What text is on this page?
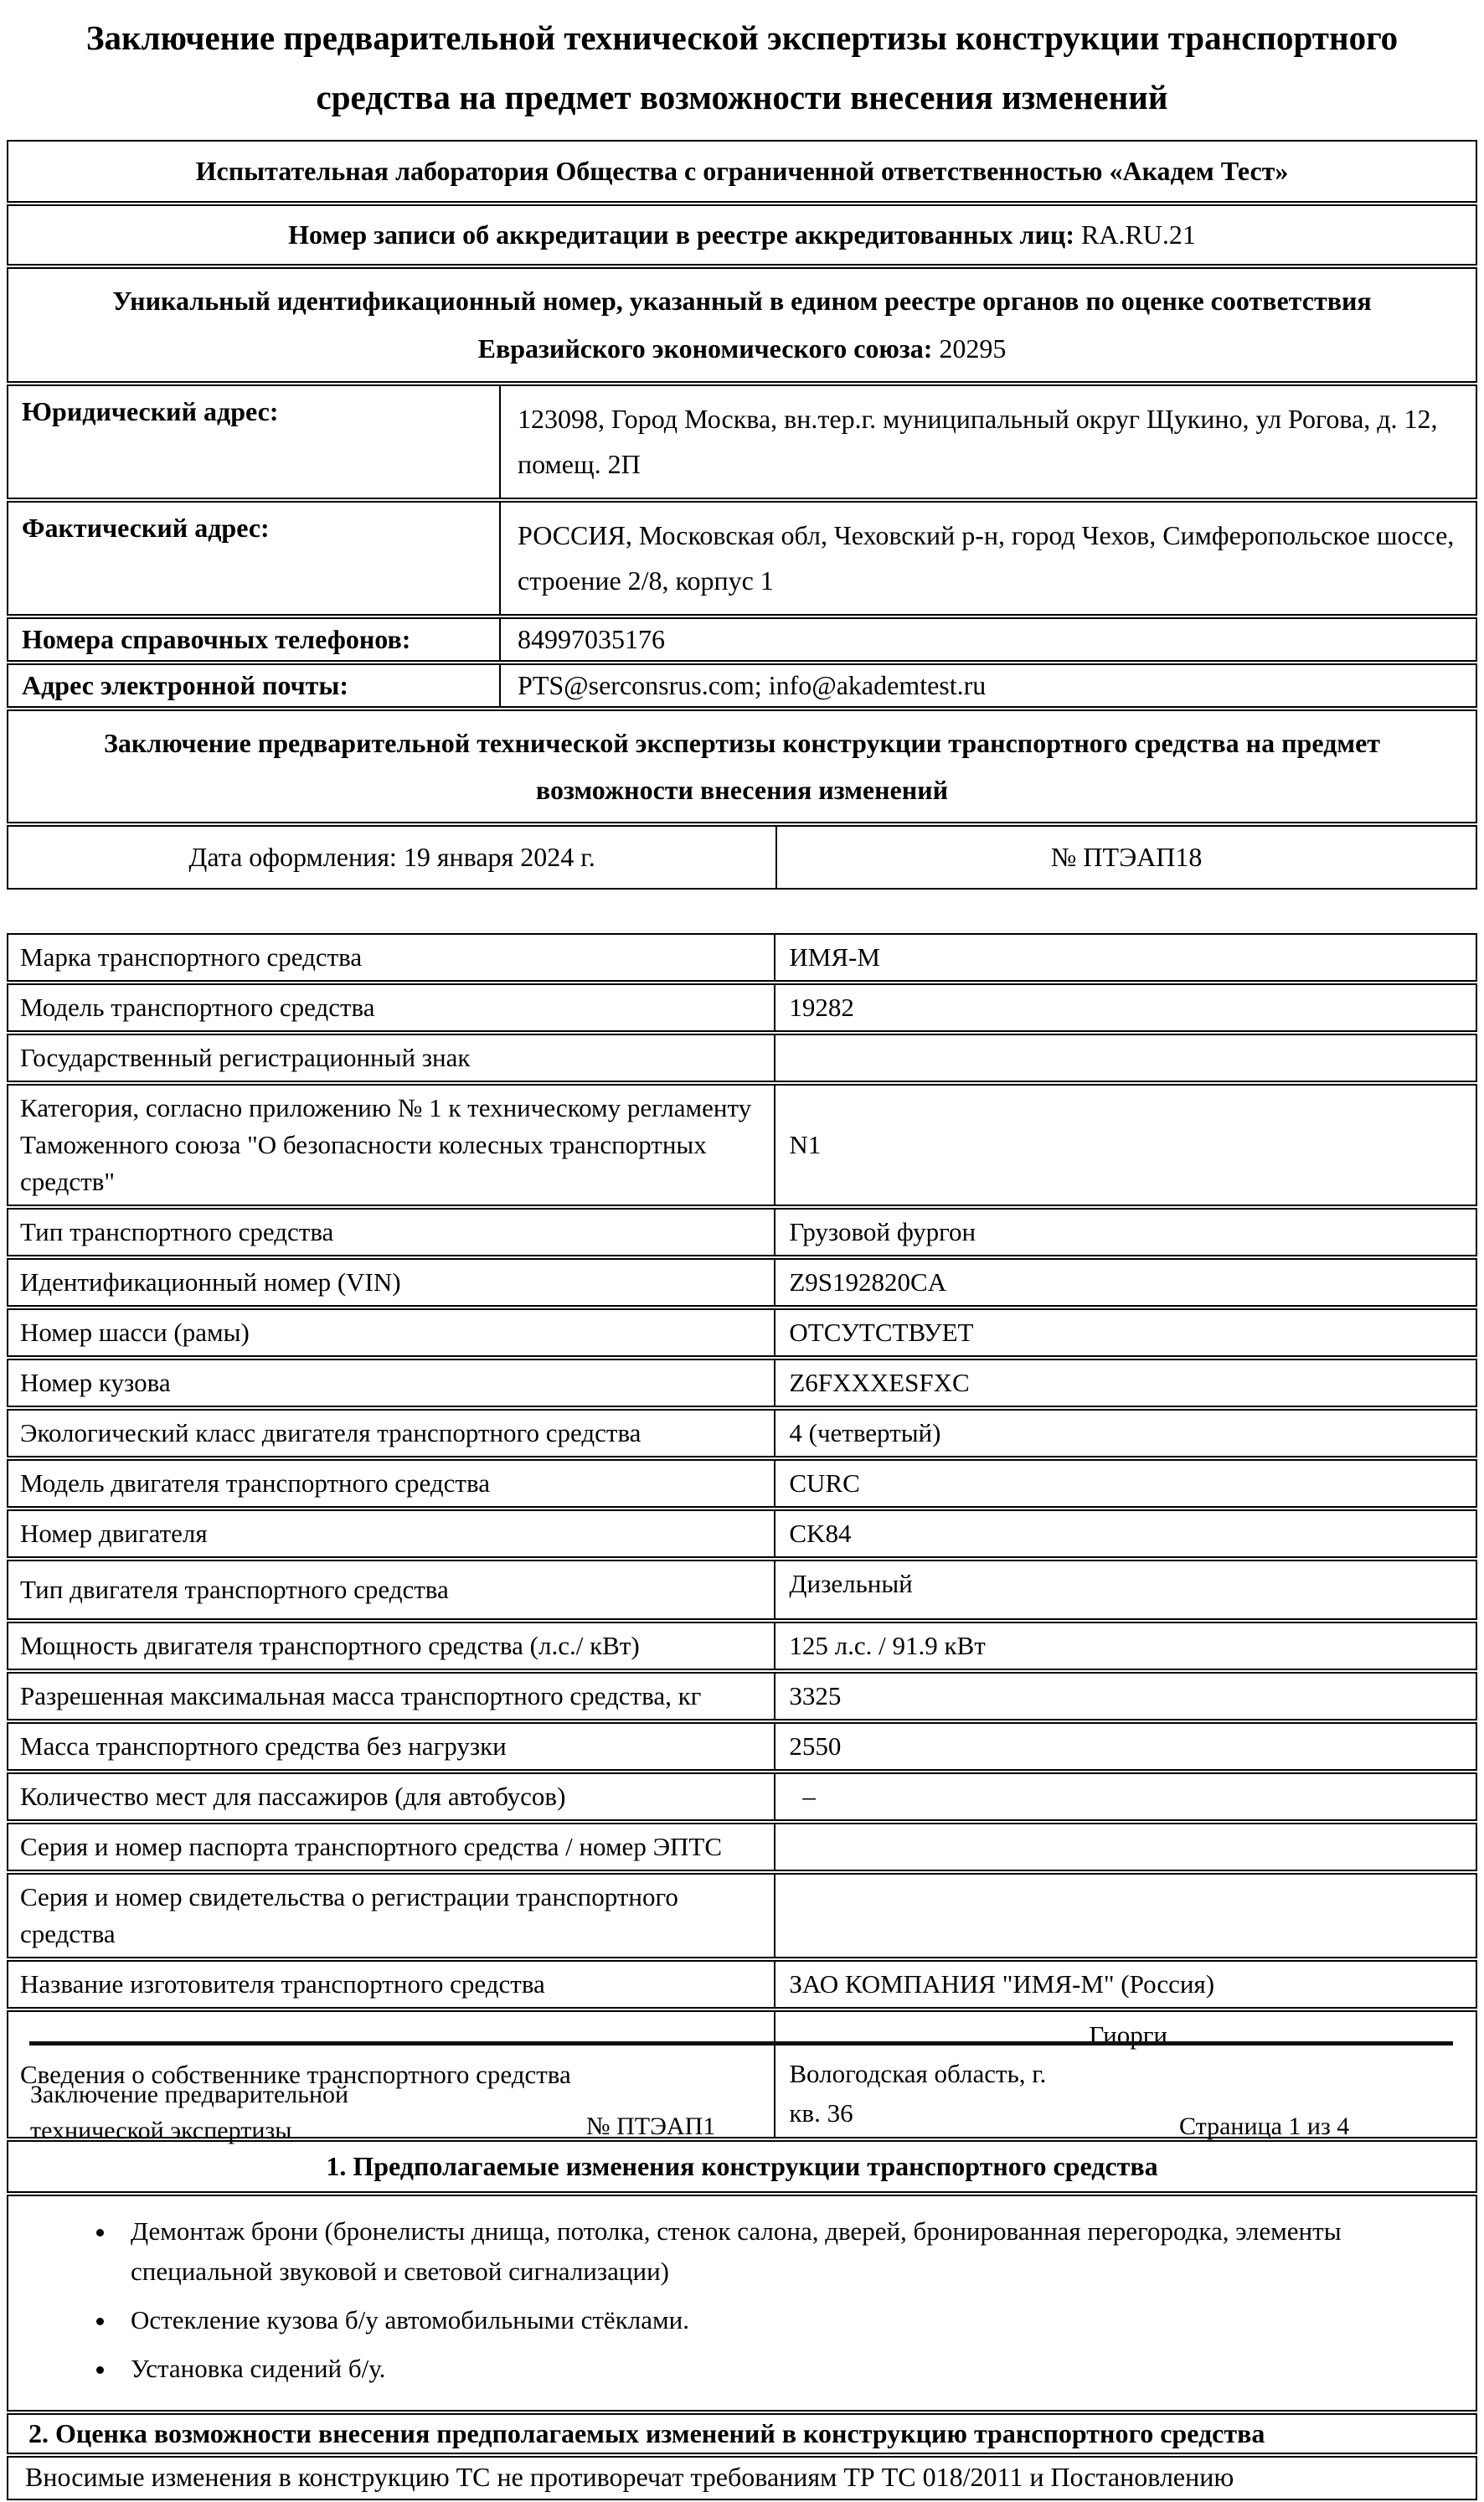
Заключение предварительной технической экспертизы конструкции транспортного средства на предмет возможности внесения изменений
Испытательная лаборатория Общества с ограниченной ответственностью «Академ Тест»	
Номер записи об аккредитации в реестре аккредитованных лиц: RA.RU.21	
Уникальный идентификационный номер, указанный в едином реестре органов по оценке соответствия
Евразийского экономического союза: 20295	
Юридический адрес:	123098, Город Москва, вн.тер.г. муниципальный округ Щукино, ул Рогова, д. 12, помещ. 2П
Фактический адрес:	РОССИЯ, Московская обл, Чеховский р-н, город Чехов, Симферопольское шоссе, строение 2/8, корпус 1
Номера справочных телефонов:	84997035176
Адрес электронной почты:	PTS@serconsrus.com; info@akademtest.ru
Заключение предварительной технической экспертизы конструкции транспортного средства на предмет возможности внесения изменений	

Дата оформления: 19 января 2024 г. № ПТЭАП18	
Марка транспортного средства	ИМЯ-М
Модель транспортного средства	19282
Государственный регистрационный знак	
Категория, согласно приложению № 1 к техническому регламенту Таможенного союза "О безопасности колесных транспортных средств"	N1
Тип транспортного средства	Грузовой фургон
Идентификационный номер (VIN)	Z9S192820CA
Номер шасси (рамы)	ОТСУТСТВУЕТ
Номер кузова	Z6FXXXESFXC
Экологический класс двигателя транспортного средства	4 (четвертый)
Модель двигателя транспортного средства	CURC
Номер двигателя	CK84
Тип двигателя транспортного средства	Дизельный
Мощность двигателя транспортного средства (л.с./ кВт)	125 л.с. / 91.9 кВт
Разрешенная максимальная масса транспортного средства, кг	3325
Масса транспортного средства без нагрузки	2550
Количество мест для пассажиров (для автобусов)	–
Серия и номер паспорта транспортного средства / номер ЭПТС	
Серия и номер свидетельства о регистрации транспортного средства	
Название изготовителя транспортного средства	ЗАО КОМПАНИЯ "ИМЯ-М" (Россия)
Сведения о собственнике транспортного средства	Гиорги
Вологодская область, г.
кв. 36

1. Предполагаемые изменения конструкции транспортного средства	

• Демонтаж брони (бронелисты днища, потолка, стенок салона, дверей, бронированная перегородка, элементы специальной звуковой и световой сигнализации)
• Остекление кузова б/у автомобильными стёклами.
• Установка сидений б/у.

2. Оценка возможности внесения предполагаемых изменений в конструкцию транспортного средства	
Вносимые изменения в конструкцию ТС не противоречат требованиям ТР ТС 018/2011 и Постановлению	
Заключение предварительной
технической экспертизы	№ ПТЭАП1	Страница 1 из 4
